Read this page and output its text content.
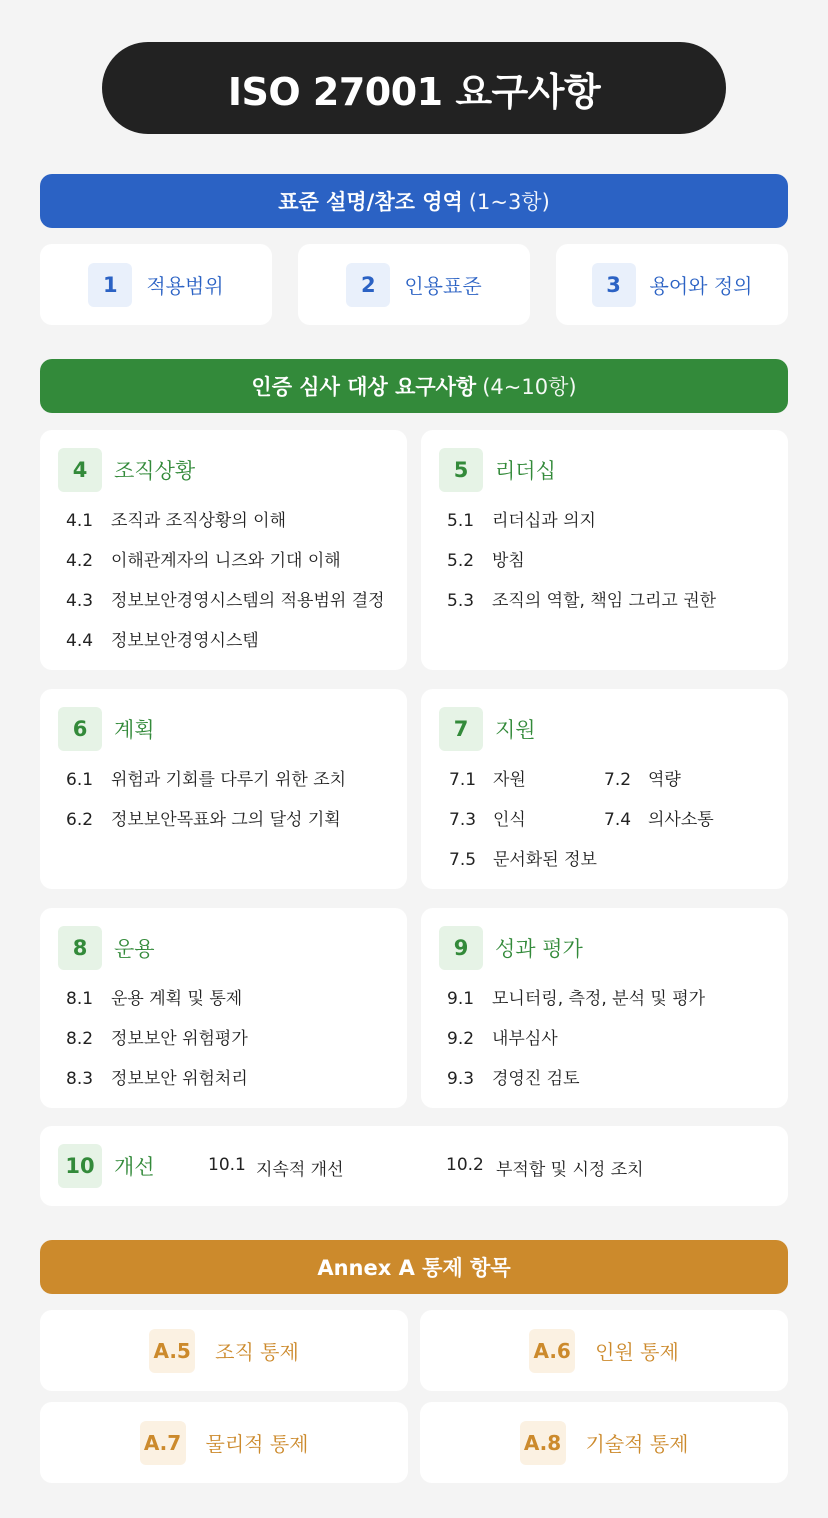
ISO 27001 요구사항
표준 설명/참조 영역 (1~3항)
1	적용범위	2	인용표준	3	용어와 정의
인증 심사 대상 요구사항 (4~10항)
4	조직상황
4.1	조직과 조직상황의 이해
4.2	이해관계자의 니즈와 기대 이해
4.3	정보보안경영시스템의 적용범위 결정
4.4	정보보안경영시스템
5	리더십
5.1	리더십과 의지
5.2	방침
5.3	조직의 역할, 책임 그리고 권한
6	계획
6.1	위험과 기회를 다루기 위한 조치
6.2	정보보안목표와 그의 달성 기획
7	지원
7.1 자원	7.2 역량
7.3 인식	7.4 의사소통
7.5 문서화된 정보
8	운용
8.1	운용 계획 및 통제
8.2	정보보안 위험평가
8.3	정보보안 위험처리
9	성과 평가
9.1	모니터링, 측정, 분석 및 평가
9.2	내부심사
9.3	경영진 검토
10 개선	10.1 지속적 개선	10.2 부적합 및 시정 조치
Annex A 통제 항목
A.5 조직 통제	A.6 인원 통제
A.7 물리적 통제	A.8 기술적 통제
